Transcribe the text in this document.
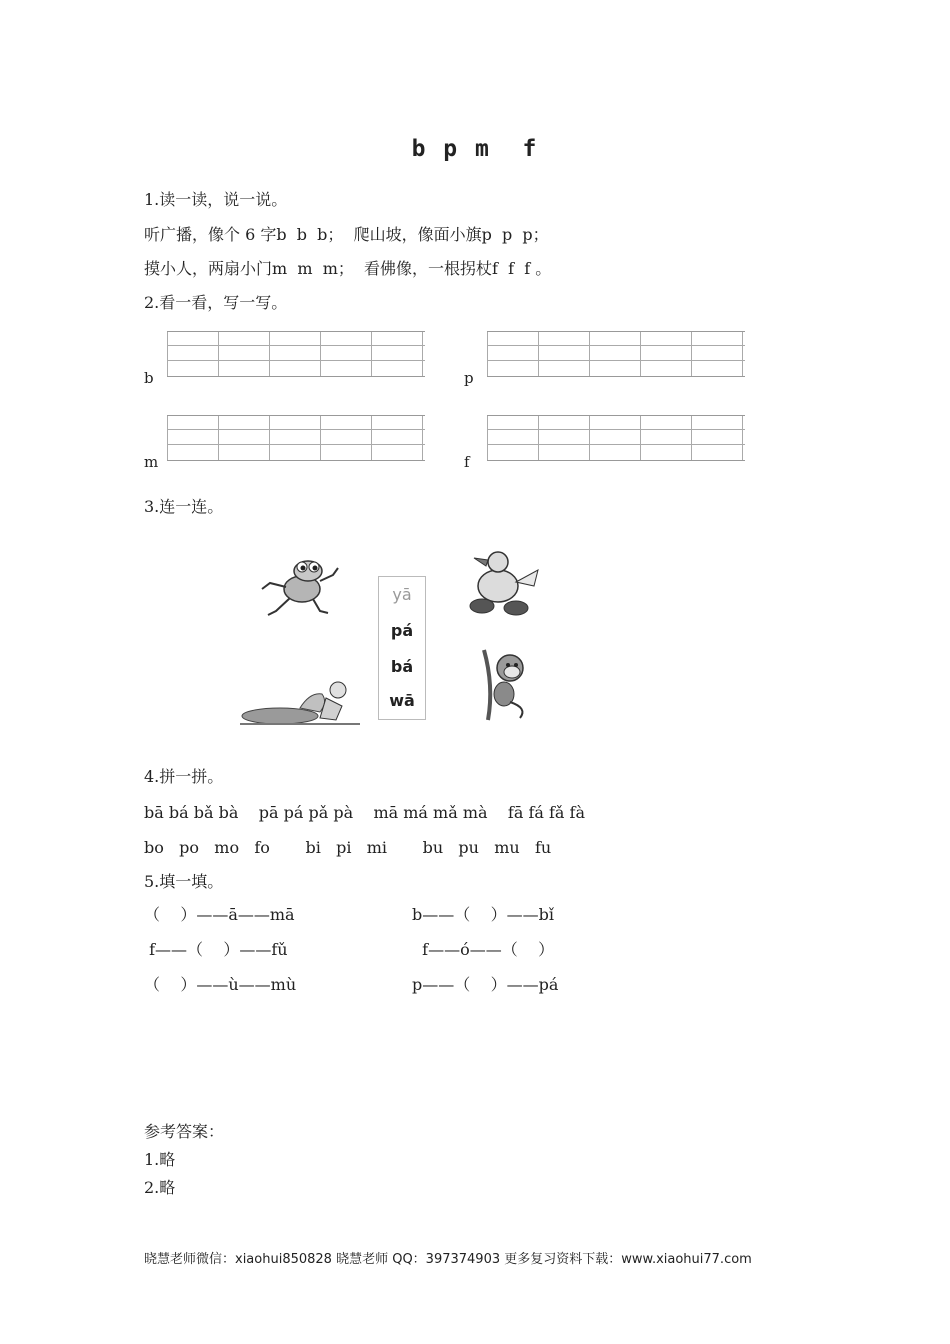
b p m  f
1.读一读，说一说。
听广播，像个 6 字b  b  b；  爬山坡，像面小旗p  p  p；
摸小人，两扇小门m  m  m；  看佛像，一根拐杖f  f  f 。
2.看一看，写一写。
b	p
m	f
3.连一连。
yā
pá
bá
wā
4.拼一拼。
bā bá bǎ bà    pā pá pǎ pà    mā má mǎ mà    fā fá fǎ fà
bo   po   mo   fo       bi   pi   mi       bu   pu   mu   fu
5.填一填。
（    ）——ā——mā
f——（    ）——fǔ
（    ）——ù——mù
b——（    ）——bǐ
f——ó——（    ）
p——（    ）——pá
参考答案：
1.略
2.略
晓慧老师微信：xiaohui850828 晓慧老师 QQ：397374903 更多复习资料下载：www.xiaohui77.com
